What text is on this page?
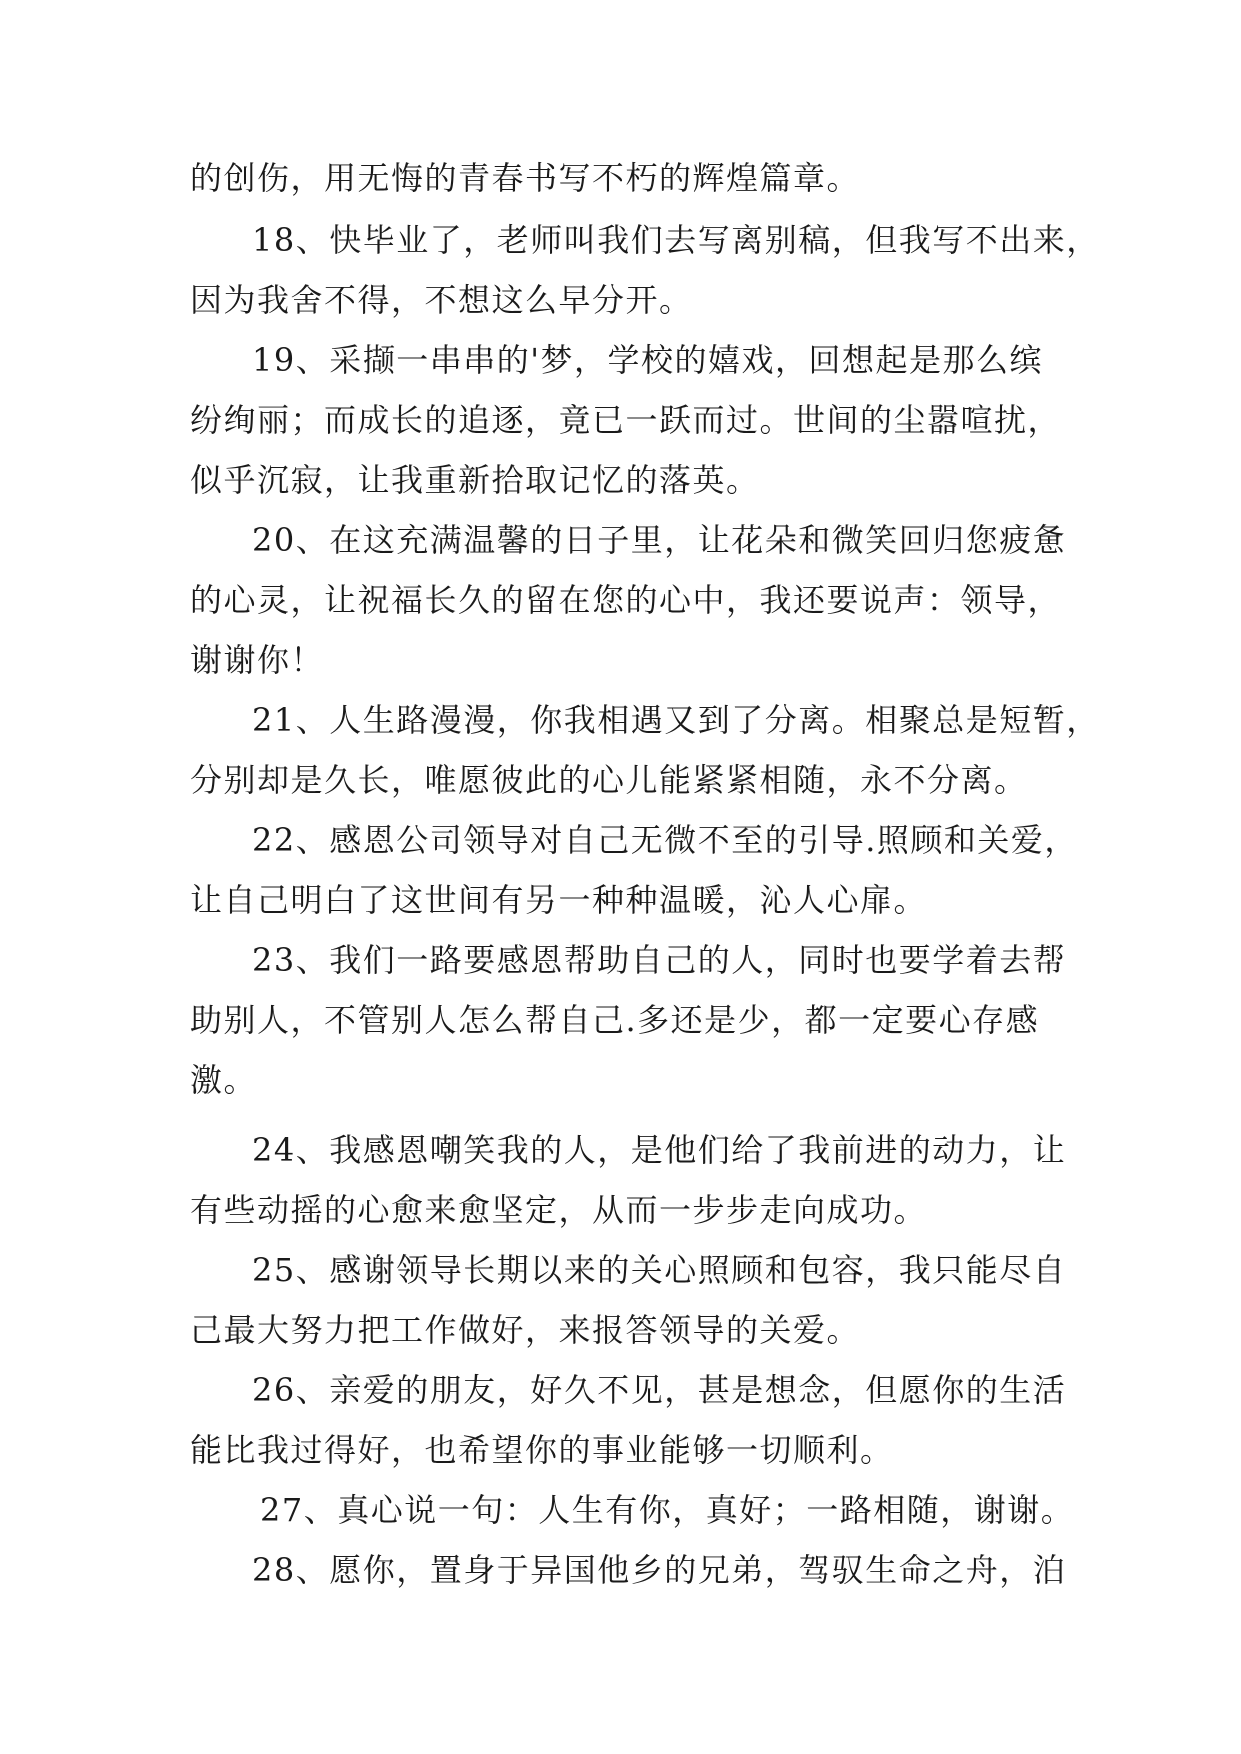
的创伤，用无悔的青春书写不朽的辉煌篇章。
18、快毕业了，老师叫我们去写离别稿，但我写不出来，
因为我舍不得，不想这么早分开。
19、采撷一串串的'梦，学校的嬉戏，回想起是那么缤
纷绚丽；而成长的追逐，竟已一跃而过。世间的尘嚣喧扰，
似乎沉寂，让我重新拾取记忆的落英。
20、在这充满温馨的日子里，让花朵和微笑回归您疲惫
的心灵，让祝福长久的留在您的心中，我还要说声：领导，
谢谢你！
21、人生路漫漫，你我相遇又到了分离。相聚总是短暂，
分别却是久长，唯愿彼此的心儿能紧紧相随，永不分离。
22、感恩公司领导对自己无微不至的引导.照顾和关爱，
让自己明白了这世间有另一种种温暖，沁人心扉。
23、我们一路要感恩帮助自己的人，同时也要学着去帮
助别人，不管别人怎么帮自己.多还是少，都一定要心存感
激。
24、我感恩嘲笑我的人，是他们给了我前进的动力，让
有些动摇的心愈来愈坚定，从而一步步走向成功。
25、感谢领导长期以来的关心照顾和包容，我只能尽自
己最大努力把工作做好，来报答领导的关爱。
26、亲爱的朋友，好久不见，甚是想念，但愿你的生活
能比我过得好，也希望你的事业能够一切顺利。
27、真心说一句：人生有你，真好；一路相随，谢谢。
28、愿你，置身于异国他乡的兄弟，驾驭生命之舟，泊
